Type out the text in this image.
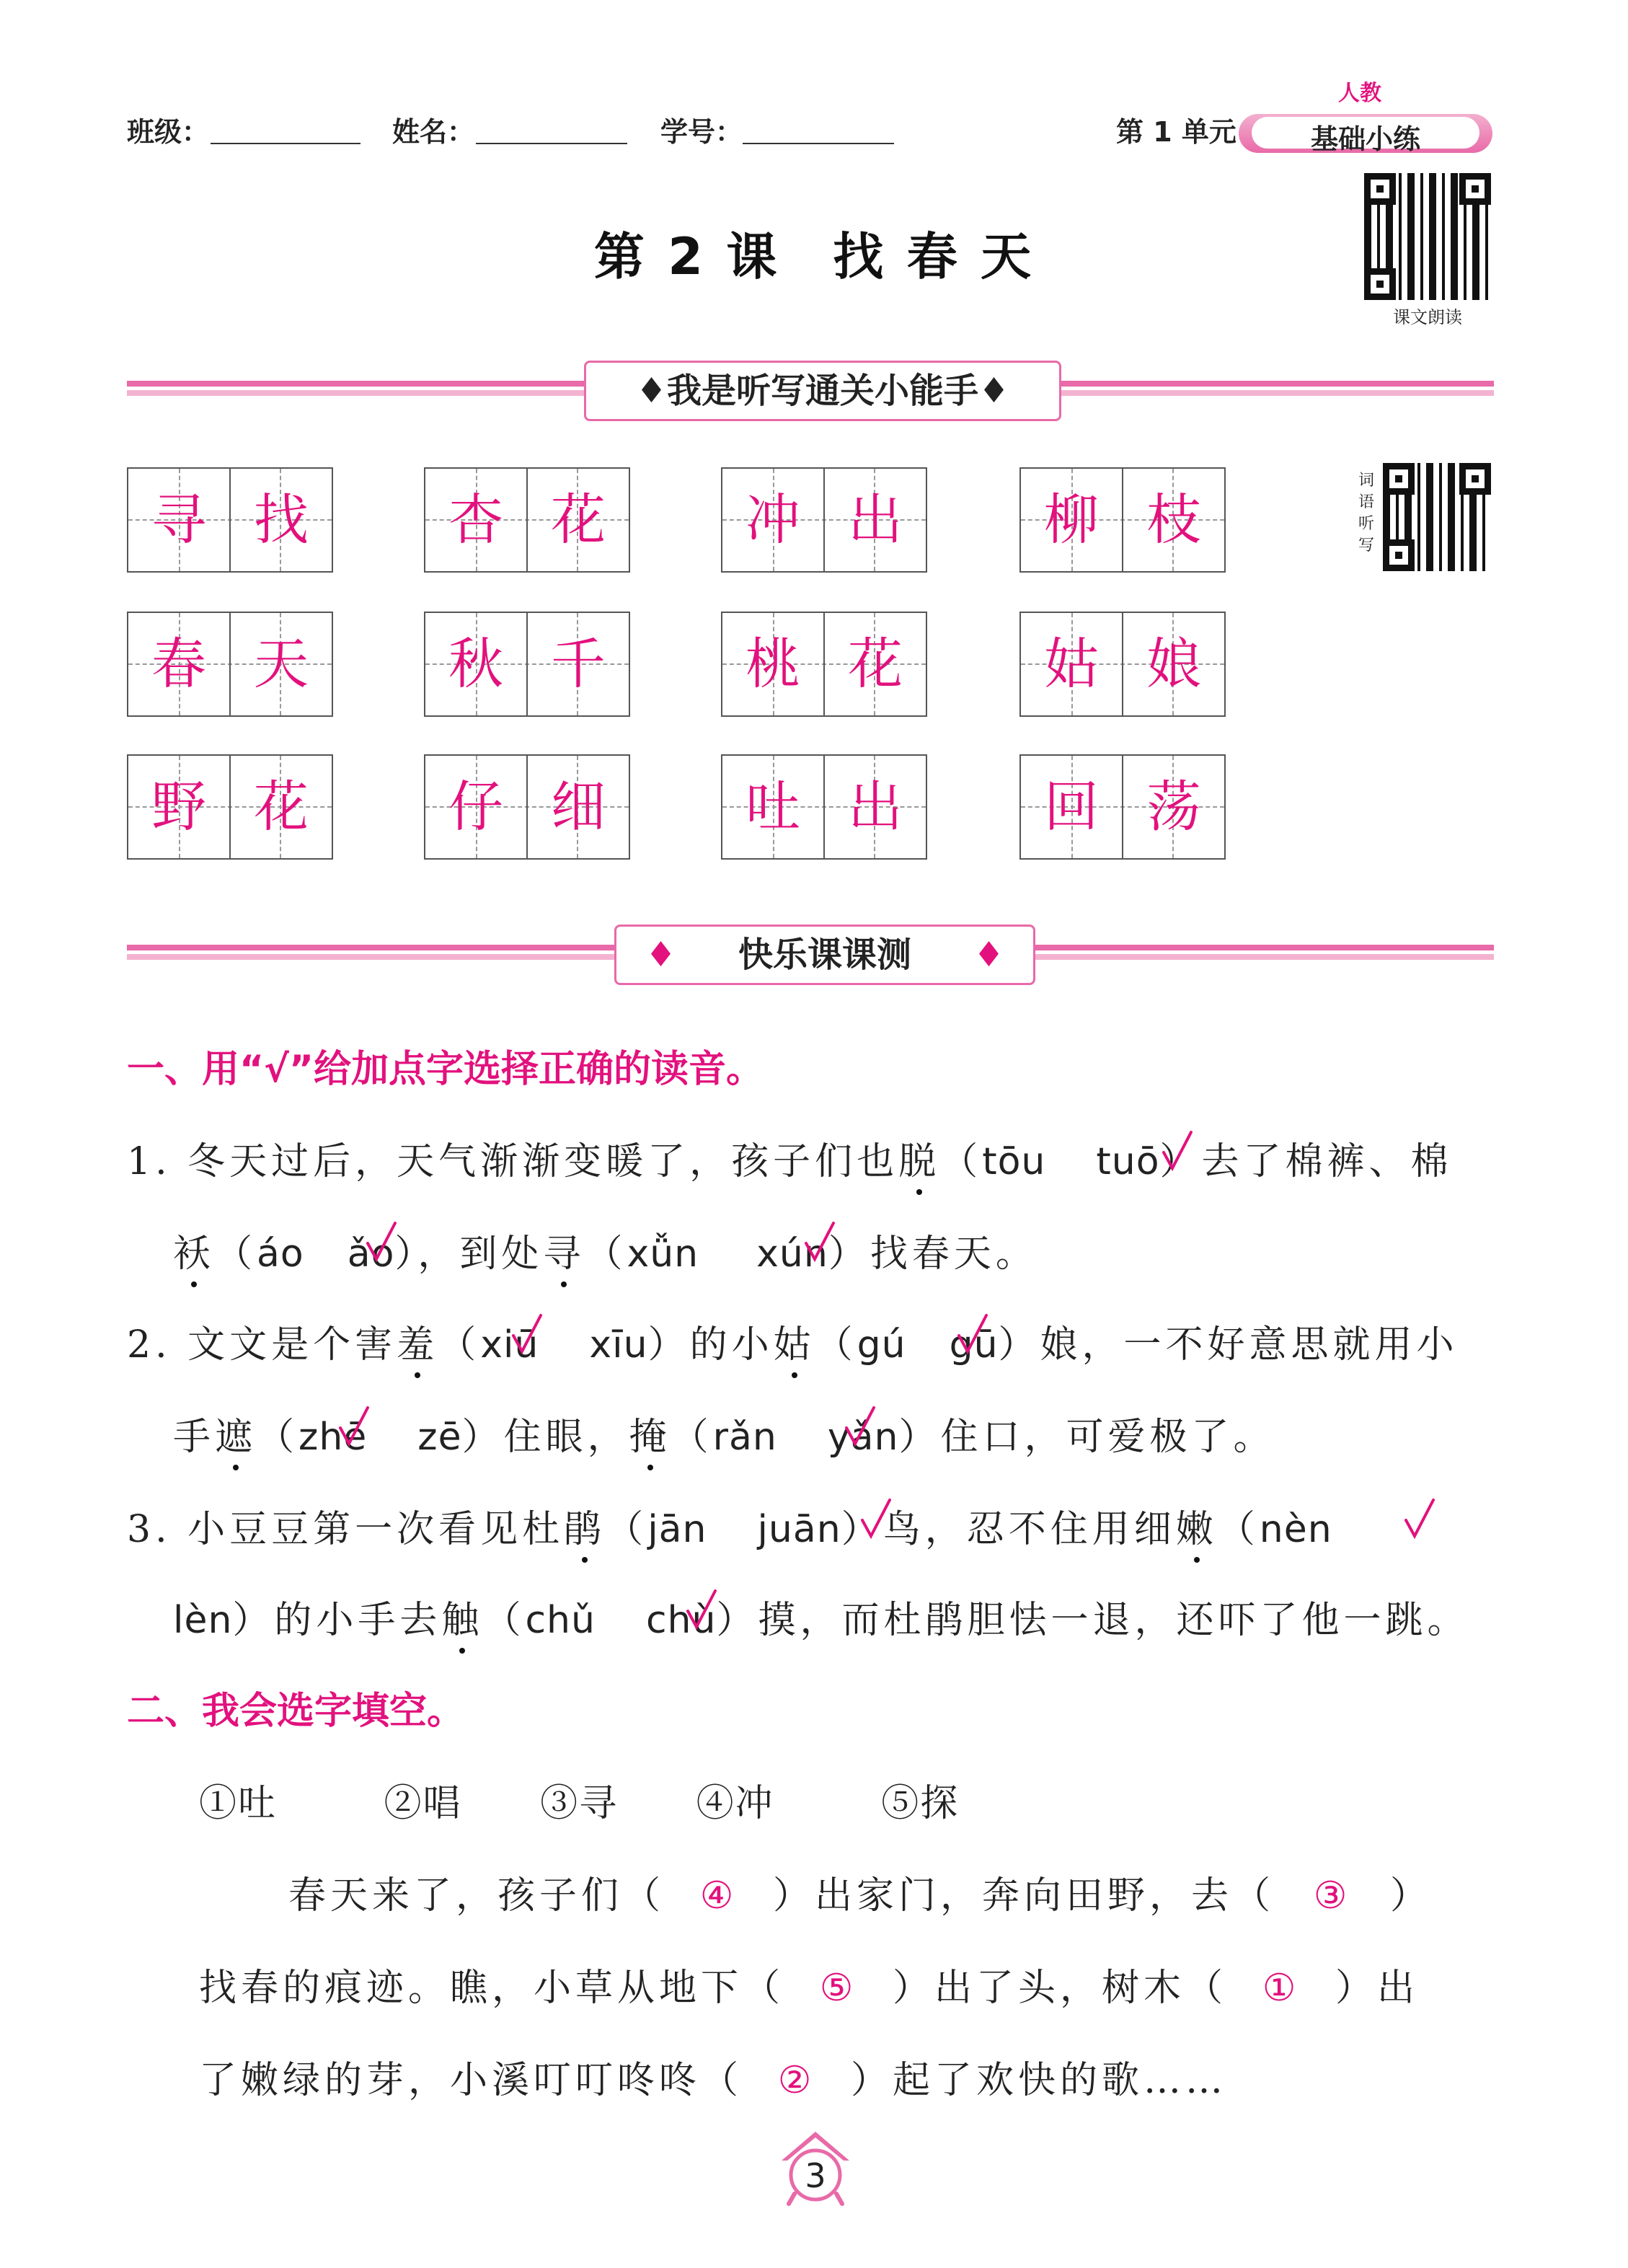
班级：	姓名：	学号：	第 1 单元	基础小练
人教
第 2 课　找 春 天
课文朗读
♦我是听写通关小能手♦
寻 找	杏 花	冲 出	柳 枝
春 天	秋 千	桃 花	姑 娘
野 花	仔 细	吐 出	回 荡
词语听写
♦ 快乐课课测 ♦
一、用“√”给加点字选择正确的读音。
1. 冬天过后，天气渐渐变暖了，孩子们也脱（tōu tuō）去了棉裤、棉
袄（áo ǎo），到处寻（xǚn xún）找春天。
2. 文文是个害羞（xiū xīu）的小姑（gú gū）娘，一不好意思就用小
手遮（zhē zē）住眼，掩（rǎn yǎn）住口，可爱极了。
3. 小豆豆第一次看见杜鹃（jān juān）鸟，忍不住用细嫩（nèn
lèn）的小手去触（chǔ chù）摸，而杜鹃胆怯一退，还吓了他一跳。
二、我会选字填空。
①吐	②唱 ③寻 ④冲	⑤探
春天来了，孩子们（ ④ ）出家门，奔向田野，去（ ③ ）
找春的痕迹。瞧，小草从地下（ ⑤ ）出了头，树木（ ① ）出
了嫩绿的芽，小溪叮叮咚咚（ ② ）起了欢快的歌……
3
